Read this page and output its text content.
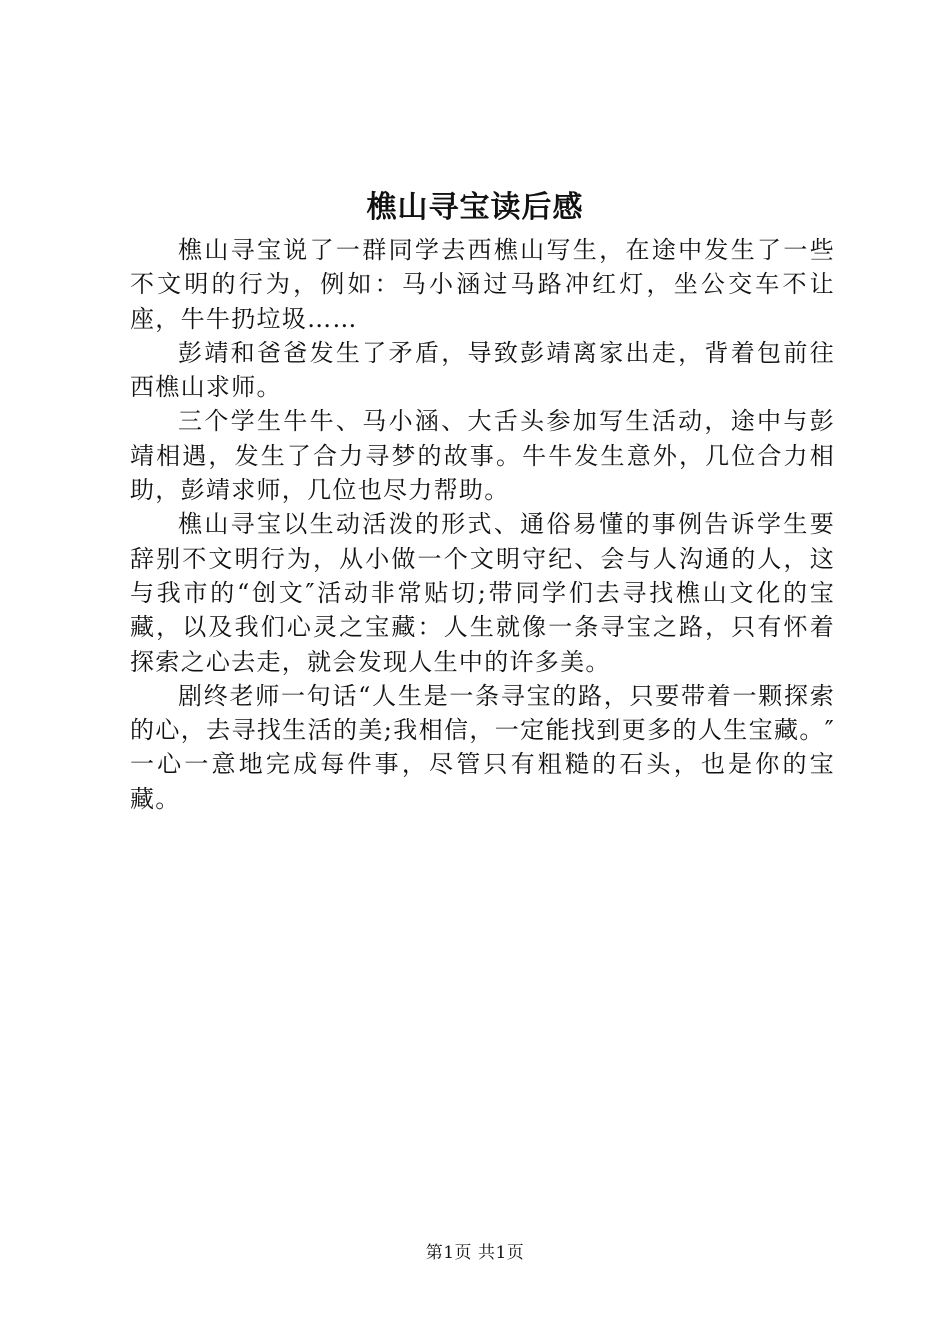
樵山寻宝读后感

樵山寻宝说了一群同学去西樵山写生，在途中发生了一些不文明的行为，例如：马小涵过马路冲红灯，坐公交车不让座，牛牛扔垃圾……

彭靖和爸爸发生了矛盾，导致彭靖离家出走，背着包前往西樵山求师。

三个学生牛牛、马小涵、大舌头参加写生活动，途中与彭靖相遇，发生了合力寻梦的故事。牛牛发生意外，几位合力相助，彭靖求师，几位也尽力帮助。

樵山寻宝以生动活泼的形式、通俗易懂的事例告诉学生要辞别不文明行为，从小做一个文明守纪、会与人沟通的人，这与我市的“创文″活动非常贴切;带同学们去寻找樵山文化的宝藏，以及我们心灵之宝藏：人生就像一条寻宝之路，只有怀着探索之心去走，就会发现人生中的许多美。

剧终老师一句话“人生是一条寻宝的路，只要带着一颗探索的心，去寻找生活的美;我相信，一定能找到更多的人生宝藏。″一心一意地完成每件事，尽管只有粗糙的石头，也是你的宝藏。

第1页 共1页
